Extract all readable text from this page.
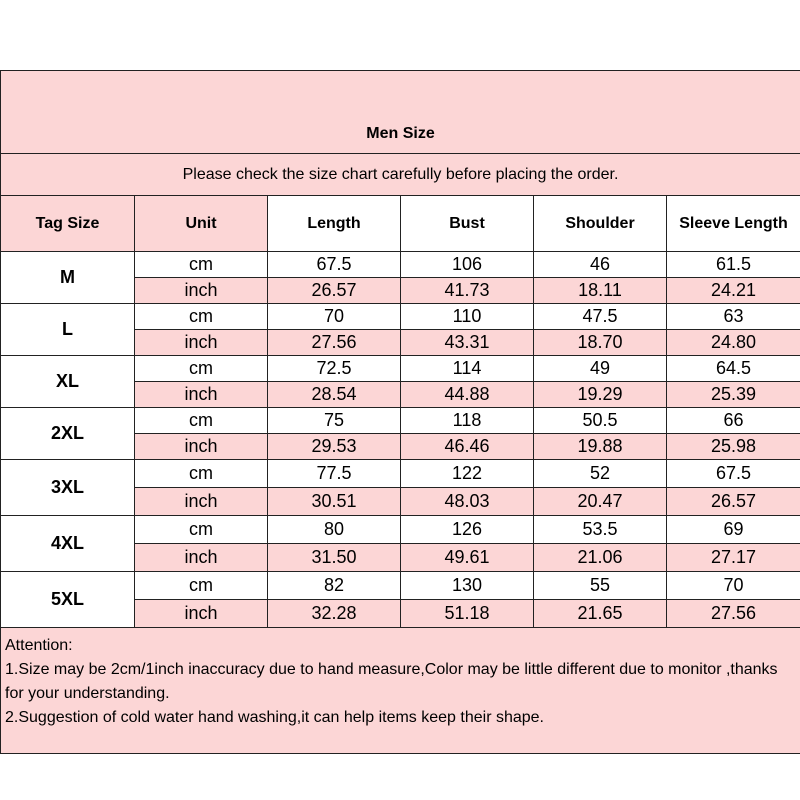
Men Size					
Please check the size chart carefully before placing the order.					
Tag Size	Unit	Length	Bust	Shoulder	Sleeve Length
M	cm	67.5	106	46	61.5
	inch	26.57	41.73	18.11	24.21
L	cm	70	110	47.5	63
	inch	27.56	43.31	18.70	24.80
XL	cm	72.5	114	49	64.5
	inch	28.54	44.88	19.29	25.39
2XL	cm	75	118	50.5	66
	inch	29.53	46.46	19.88	25.98
3XL	cm	77.5	122	52	67.5
	inch	30.51	48.03	20.47	26.57
4XL	cm	80	126	53.5	69
	inch	31.50	49.61	21.06	27.17
5XL	cm	82	130	55	70
	inch	32.28	51.18	21.65	27.56

Attention:
1.Size may be 2cm/1inch inaccuracy due to hand measure,Color may be little different due to monitor ,thanks for your understanding.
2.Suggestion of cold water hand washing,it can help items keep their shape.					
